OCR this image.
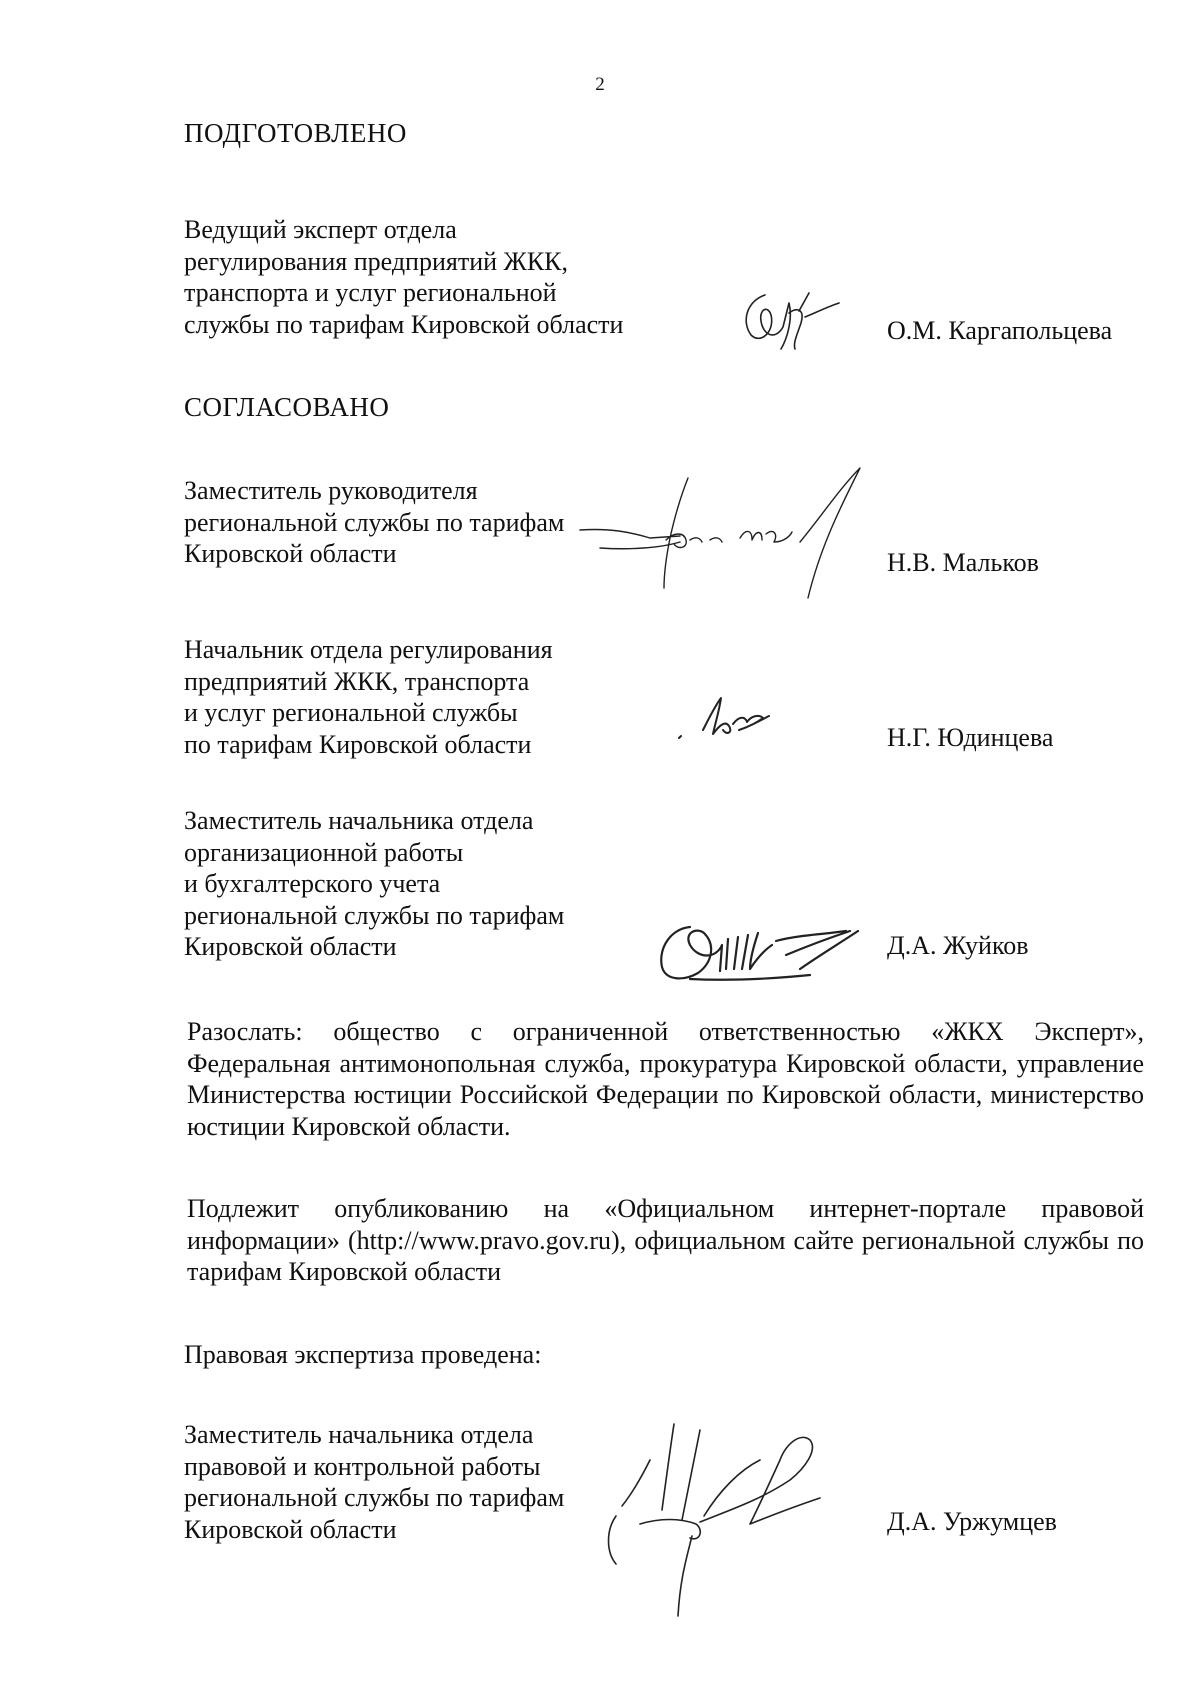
2
ПОДГОТОВЛЕНО
Ведущий эксперт отдела
регулирования предприятий ЖКК,
транспорта и услуг региональной
службы по тарифам Кировской области	О.М. Каргапольцева
СОГЛАСОВАНО
Заместитель руководителя
региональной службы по тарифам
Кировской области	Н.В. Мальков
Начальник отдела регулирования
предприятий ЖКК, транспорта
и услуг региональной службы
по тарифам Кировской области	Н.Г. Юдинцева
Заместитель начальника отдела
организационной работы
и бухгалтерского учета
региональной службы по тарифам
Кировской области	Д.А. Жуйков
Разослать: общество с ограниченной ответственностью «ЖКХ Эксперт», Федеральная антимонопольная служба, прокуратура Кировской области, управление Министерства юстиции Российской Федерации по Кировской области, министерство юстиции Кировской области.
Подлежит опубликованию на «Официальном интернет-портале правовой информации» (http://www.pravo.gov.ru), официальном сайте региональной службы по тарифам Кировской области
Правовая экспертиза проведена:
Заместитель начальника отдела
правовой и контрольной работы
региональной службы по тарифам
Кировской области	Д.А. Уржумцев
